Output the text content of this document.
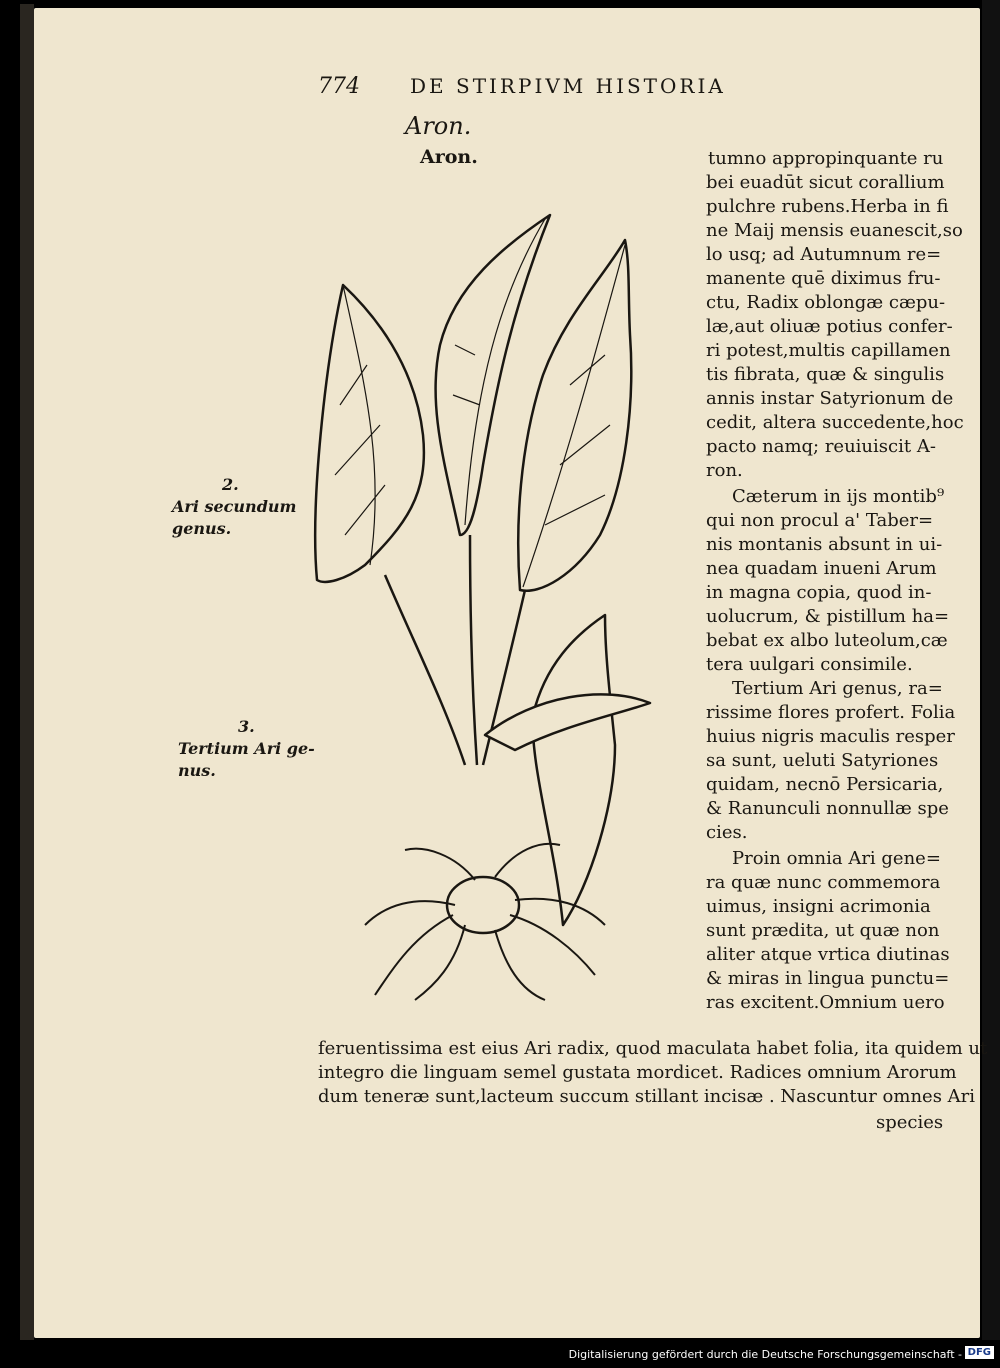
774	DE STIRPIVM HISTORIA
Aron.
Aron.
2.
Ari secundum
genus.
3.
Tertium Ari ge-
nus.
tumno appropinquante ru
bei euadūt sicut corallium
pulchre rubens.Herba in fi
ne Maij mensis euanescit,so
lo usq; ad Autumnum re=
manente quē diximus fru-
ctu, Radix oblongæ cæpu-
læ,aut oliuæ potius confer-
ri potest,multis capillamen
tis fibrata, quæ & singulis
annis instar Satyrionum de
cedit, altera succedente,hoc
pacto namq; reuiuiscit A-
ron.
Cæterum in ijs montib⁹
qui non procul a' Taber=
nis montanis absunt in ui-
nea quadam inueni Arum
in magna copia, quod in-
uolucrum, & pistillum ha=
bebat ex albo luteolum,cæ
tera uulgari consimile.
Tertium Ari genus, ra=
rissime flores profert. Folia
huius nigris maculis resper
sa sunt, ueluti Satyriones
quidam, necnō Persicaria,
& Ranunculi nonnullæ spe
cies.
Proin omnia Ari gene=
ra quæ nunc commemora
uimus, insigni acrimonia
sunt prædita, ut quæ non
aliter atque vrtica diutinas
& miras in lingua punctu=
ras excitent.Omnium uero
feruentissima est eius Ari radix, quod maculata habet folia, ita quidem ut
integro die linguam semel gustata mordicet. Radices omnium Arorum
dum teneræ sunt,lacteum succum stillant incisæ . Nascuntur omnes Ari
species
Digitalisierung gefördert durch die Deutsche Forschungsgemeinschaft - DFG
